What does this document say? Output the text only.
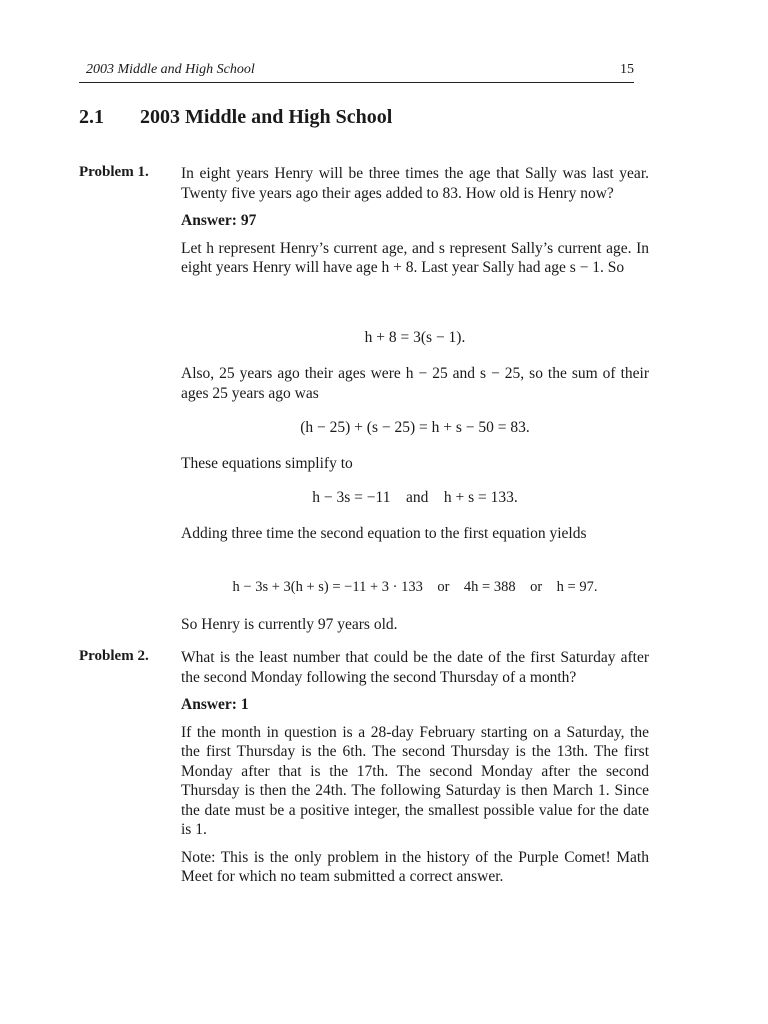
2003 Middle and High School	15
2.1 2003 Middle and High School
Problem 1. In eight years Henry will be three times the age that Sally was last year. Twenty five years ago their ages added to 83. How old is Henry now?

Answer: 97

Let h represent Henry’s current age, and s represent Sally’s current age. In eight years Henry will have age h + 8. Last year Sally had age s − 1. So

h + 8 = 3(s − 1).

Also, 25 years ago their ages were h − 25 and s − 25, so the sum of their ages 25 years ago was

(h − 25) + (s − 25) = h + s − 50 = 83.

These equations simplify to

h − 3s = −11    and    h + s = 133.

Adding three time the second equation to the first equation yields

h − 3s + 3(h + s) = −11 + 3 · 133    or    4h = 388    or    h = 97.

So Henry is currently 97 years old.

Problem 2. What is the least number that could be the date of the first Saturday after the second Monday following the second Thursday of a month?

Answer: 1

If the month in question is a 28-day February starting on a Saturday, the the first Thursday is the 6th. The second Thursday is the 13th. The first Monday after that is the 17th. The second Monday after the second Thursday is then the 24th. The following Saturday is then March 1. Since the date must be a positive integer, the smallest possible value for the date is 1.

Note: This is the only problem in the history of the Purple Comet! Math Meet for which no team submitted a correct answer.
